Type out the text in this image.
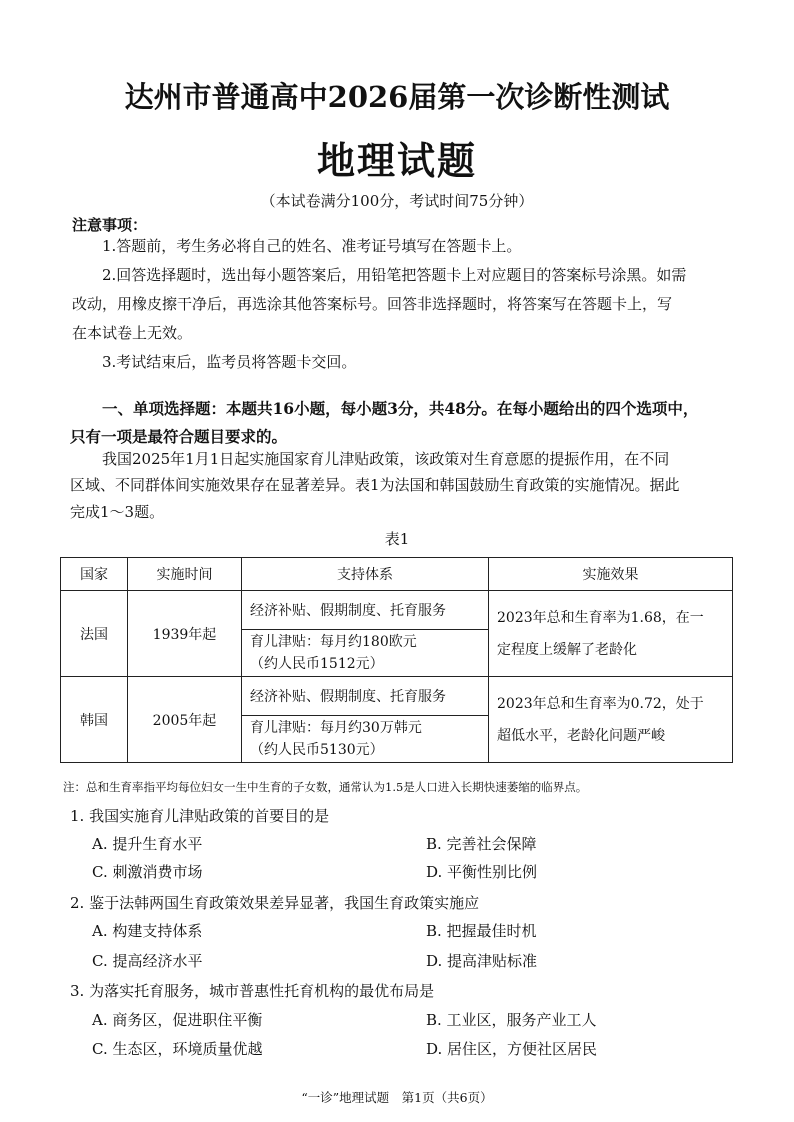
达州市普通高中2026届第一次诊断性测试
地理试题
（本试卷满分100分，考试时间75分钟）
注意事项：
1.答题前，考生务必将自己的姓名、准考证号填写在答题卡上。
2.回答选择题时，选出每小题答案后，用铅笔把答题卡上对应题目的答案标号涂黑。如需
改动，用橡皮擦干净后，再选涂其他答案标号。回答非选择题时，将答案写在答题卡上，写
在本试卷上无效。
3.考试结束后，监考员将答题卡交回。
一、单项选择题：本题共16小题，每小题3分，共48分。在每小题给出的四个选项中，
只有一项是最符合题目要求的。
我国2025年1月1日起实施国家育儿津贴政策，该政策对生育意愿的提振作用，在不同
区域、不同群体间实施效果存在显著差异。表1为法国和韩国鼓励生育政策的实施情况。据此
完成1～3题。
表1
国家	实施时间	支持体系	实施效果
法国	1939年起	经济补贴、假期制度、托育服务	2023年总和生育率为1.68，在一
定程度上缓解了老龄化

		育儿津贴：每月约180欧元
（约人民币1512元）	

韩国	2005年起	经济补贴、假期制度、托育服务	2023年总和生育率为0.72，处于
超低水平，老龄化问题严峻

		育儿津贴：每月约30万韩元
（约人民币5130元）	
注：总和生育率指平均每位妇女一生中生育的子女数，通常认为1.5是人口进入长期快速萎缩的临界点。
1. 我国实施育儿津贴政策的首要目的是
A. 提升生育水平	B. 完善社会保障
C. 刺激消费市场	D. 平衡性别比例
2. 鉴于法韩两国生育政策效果差异显著，我国生育政策实施应
A. 构建支持体系	B. 把握最佳时机
C. 提高经济水平	D. 提高津贴标准
3. 为落实托育服务，城市普惠性托育机构的最优布局是
A. 商务区，促进职住平衡	B. 工业区，服务产业工人
C. 生态区，环境质量优越	D. 居住区，方便社区居民
“一诊”地理试题　第1页（共6页）
